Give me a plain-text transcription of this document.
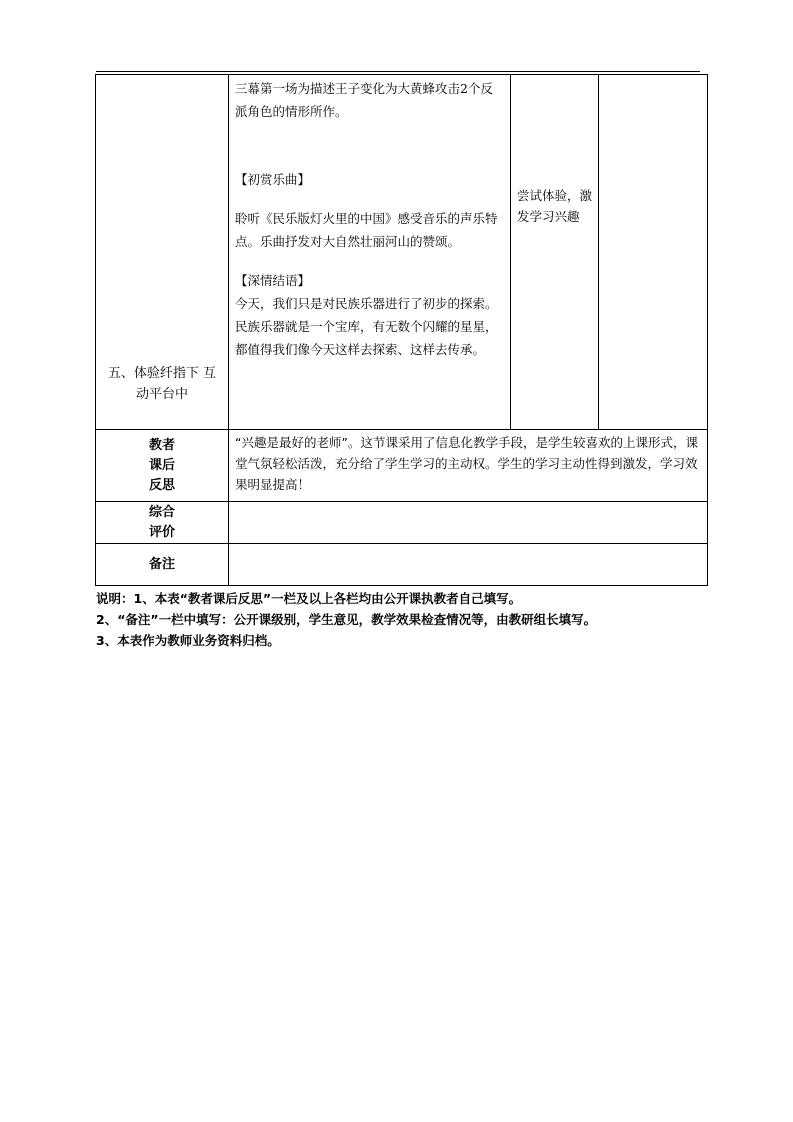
五、体验纤指下 互动平台中	三幕第一场为描述王子变化为大黄蜂攻击2个反派角色的情形所作。

【初赏乐曲】

聆听《民乐版灯火里的中国》感受音乐的声乐特点。乐曲抒发对大自然壮丽河山的赞颂。

【深情结语】

今天，我们只是对民族乐器进行了初步的探索。民族乐器就是一个宝库，有无数个闪耀的星星，都值得我们像今天这样去探索、这样去传承。	尝试体验，激发学习兴趣	

教者
课后
反思	“兴趣是最好的老师”。这节课采用了信息化教学手段，是学生较喜欢的上课形式，课堂气氛轻松活泼，充分给了学生学习的主动权。学生的学习主动性得到激发，学习效果明显提高！		

综合
评价			

备注			
说明：1、本表“教者课后反思”一栏及以上各栏均由公开课执教者自己填写。
2、“备注”一栏中填写：公开课级别，学生意见，教学效果检查情况等，由教研组长填写。
3、本表作为教师业务资料归档。
